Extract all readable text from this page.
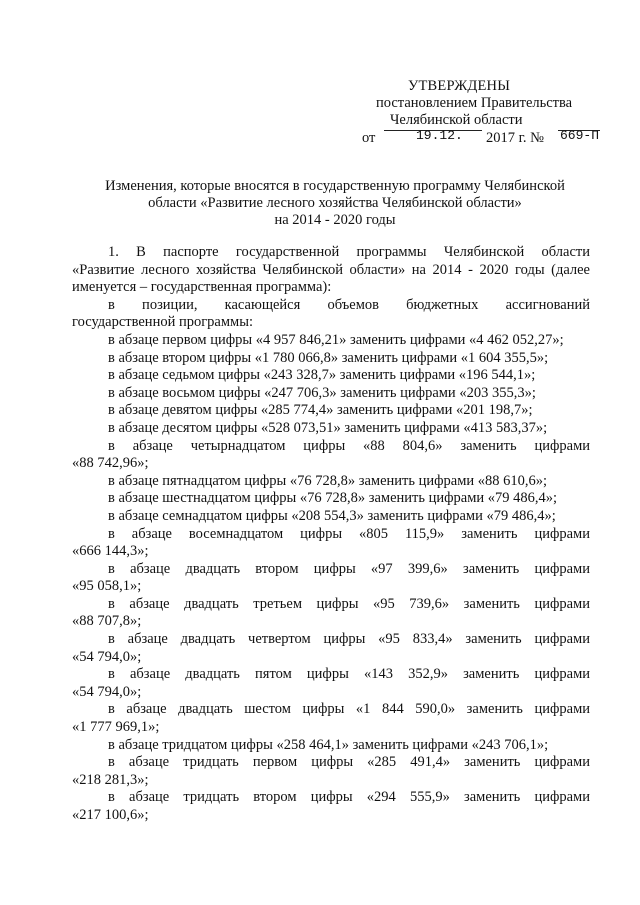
УТВЕРЖДЕНЫ
постановлением Правительства
Челябинской области
от	19.12. 2017 г. № 669-П
Изменения, которые вносятся в государственную программу Челябинской
области «Развитие лесного хозяйства Челябинской области»
на 2014 - 2020 годы

1. В паспорте государственной программы Челябинской области

«Развитие лесного хозяйства Челябинской области» на 2014 - 2020 годы (далее

именуется – государственная программа):

в позиции, касающейся объемов бюджетных ассигнований

государственной программы:

в абзаце первом цифры «4 957 846,21» заменить цифрами «4 462 052,27»;

в абзаце втором цифры «1 780 066,8» заменить цифрами «1 604 355,5»;

в абзаце седьмом цифры «243 328,7» заменить цифрами «196 544,1»;

в абзаце восьмом цифры «247 706,3» заменить цифрами «203 355,3»;

в абзаце девятом цифры «285 774,4» заменить цифрами «201 198,7»;

в абзаце десятом цифры «528 073,51» заменить цифрами «413 583,37»;

в абзаце четырнадцатом цифры «88 804,6» заменить цифрами

«88 742,96»;

в абзаце пятнадцатом цифры «76 728,8» заменить цифрами «88 610,6»;

в абзаце шестнадцатом цифры «76 728,8» заменить цифрами «79 486,4»;

в абзаце семнадцатом цифры «208 554,3» заменить цифрами «79 486,4»;

в абзаце восемнадцатом цифры «805 115,9» заменить цифрами

«666 144,3»;

в абзаце двадцать втором цифры «97 399,6» заменить цифрами

«95 058,1»;

в абзаце двадцать третьем цифры «95 739,6» заменить цифрами

«88 707,8»;

в абзаце двадцать четвертом цифры «95 833,4» заменить цифрами

«54 794,0»;

в абзаце двадцать пятом цифры «143 352,9» заменить цифрами

«54 794,0»;

в абзаце двадцать шестом цифры «1 844 590,0» заменить цифрами

«1 777 969,1»;

в абзаце тридцатом цифры «258 464,1» заменить цифрами «243 706,1»;

в абзаце тридцать первом цифры «285 491,4» заменить цифрами

«218 281,3»;

в абзаце тридцать втором цифры «294 555,9» заменить цифрами

«217 100,6»;
